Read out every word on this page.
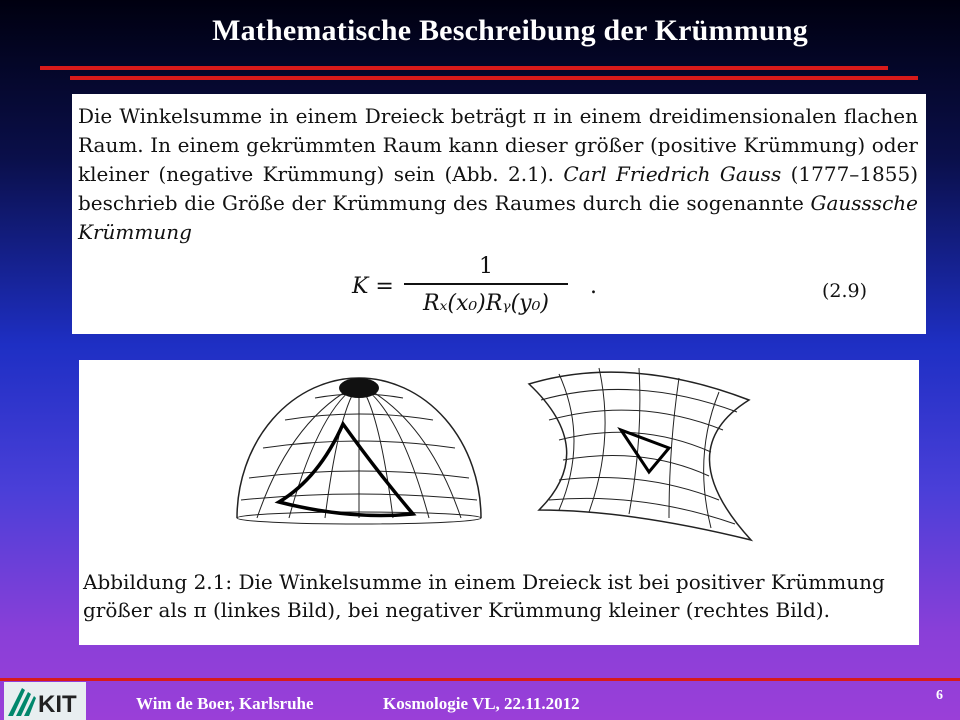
Mathematische Beschreibung der Krümmung
Die Winkelsumme in einem Dreieck beträgt π in einem dreidimensionalen flachen Raum. In einem gekrümmten Raum kann dieser größer (positive Krümmung) oder kleiner (negative Krümmung) sein (Abb. 2.1). Carl Friedrich Gauss (1777–1855) beschrieb die Größe der Krümmung des Raumes durch die sogenannte Gausssche Krümmung
K =
1
Rₓ(x₀)Rᵧ(y₀)
.	(2.9)
Abbildung 2.1: Die Winkelsumme in einem Dreieck ist bei positiver Krümmung größer als π (linkes Bild), bei negativer Krümmung kleiner (rechtes Bild).
KIT	Wim de Boer, Karlsruhe	Kosmologie VL, 22.11.2012	6
